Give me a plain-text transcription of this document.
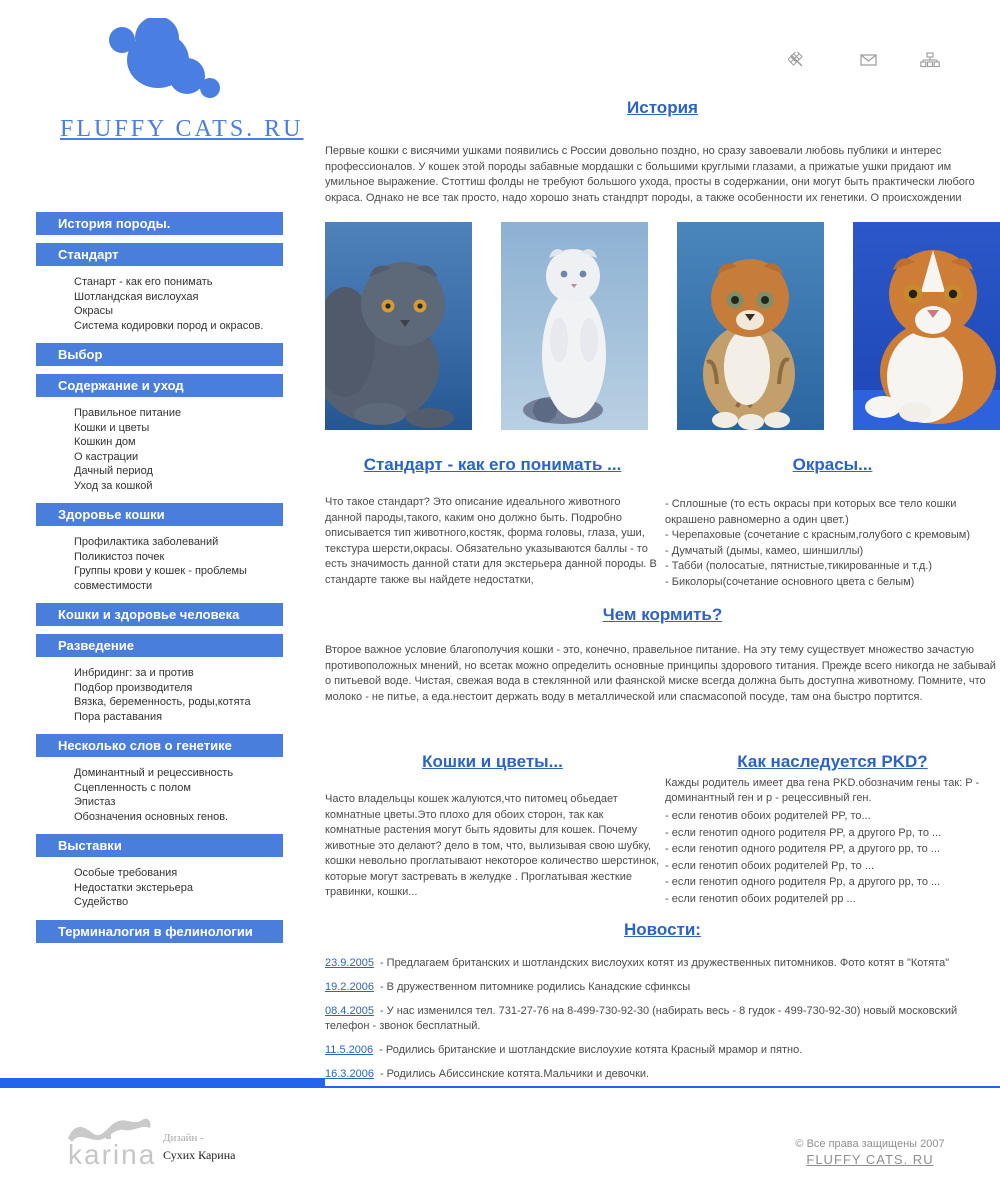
FLUFFY CATS. RU
История породы.
Стандарт
Станарт - как его понимать
Шотландская вислоухая
Окрасы
Система кодировки пород и окрасов.
Выбор
Содержание и уход
Правильное питание
Кошки и цветы
Кошкин дом
О кастрации
Дачный период
Уход за кошкой
Здоровье кошки
Профилактика заболеваний
Поликистоз почек
Группы крови у кошек - проблемы совместимости
Кошки и здоровье человека
Разведение
Инбридинг: за и против
Подбор производителя
Вязка, беременность, роды,котята
Пора раставания
Несколько слов о генетике
Доминантный и рецессивность
Сцепленность с полом
Эпистаз
Обозначения основных генов.
Выставки
Особые требования
Недостатки экстерьера
Судейство
Терминалогия в фелинологии
История
Первые кошки с висячими ушками появились с России довольно поздно, но сразу завоевали любовь публики и интерес профессионалов. У кошек этой породы забавные мордашки с большими круглыми глазами, а прижатые ушки придают им умильное выражение. Стоттиш фолды не требуют большого ухода, просты в содержании, они могут быть практически любого окраса. Однако не все так просто, надо хорошо знать стандпрт породы, а также особенности их генетики. О происхождении
Стандарт - как его понимать ...
Что такое стандарт? Это описание идеального животного данной пароды,такого, каким оно должно быть. Подробно описывается тип животного,костяк, форма головы, глаза, уши, текстура шерсти,окрасы. Обязательно указываются баллы - то есть значимость данной стати для экстерьера данной породы. В стандарте также вы найдете недостатки,
Окрасы...
- Сплошные (то есть окрасы при которых все тело кошки окрашено равномерно а один цвет.)
- Черепаховые (сочетание с красным,голубого с кремовым)
- Думчатый (дымы, камео, шиншиллы)
- Табби (полосатые, пятнистые,тикированные и т.д.)
- Биколоры(сочетание основного цвета с белым)
Чем кормить?
Второе важное условие благополучия кошки - это, конечно, правельное питание. На эту тему существует множество зачастую противоположных мнений, но всетак можно определить основные принципы здорового титания. Прежде всего никогда не забывай о питьевой воде. Чистая, свежая вода в стеклянной или фаянской миске всегда должна быть доступна животному. Помните, что молоко - не питье, а еда.нестоит держать воду в металлической или спасмасопой посуде, там она быстро портится.
Кошки и цветы...
Часто владельцы кошек жалуются,что питомец обьедает комнатные цветы.Это плохо для обоих сторон, так как комнатные растения могут быть ядовиты для кошек. Почему животные это делают? дело в том, что, вылизывая свою шубку, кошки невольно проглатывают некоторое количество шерстинок, которые могут застревать в желудке . Проглатывая жесткие травинки, кошки...
Как наследуется PKD?
Кажды родитель имеет два гена PKD.обозначим гены так: P - доминантный ген и p - рецессивный ген.
- если генотив обоих родителей PP, то...
- если генотип одного родителя PP, а другого Pp, то ...
- если генотип одного родителя PP, а другого pp, то ...
- если генотип обоих родителей Pp, то ...
- если генотип одного родителя Pp, а другого pp, то ...
- если генотип обоих родителей pp ...
Новости:
23.9.2005 - Предлагаем британских и шотландских вислоухих котят из дружественных питомников. Фото котят в "Котята"
19.2.2006 - В дружественном питомнике родились Канадские сфинксы
08.4.2005 - У нас изменился тел. 731-27-76 на 8-499-730-92-30 (набирать весь - 8 гудок - 499-730-92-30) новый московский телефон - звонок бесплатный.
11.5.2006 - Родились британские и шотландские вислоухие котята Красный мрамор и пятно.
16.3.2006 - Родились Абиссинские котята.Мальчики и девочки.
karina
Дизайн -
Сухих Карина
© Все права защищены 2007
FLUFFY CATS. RU
